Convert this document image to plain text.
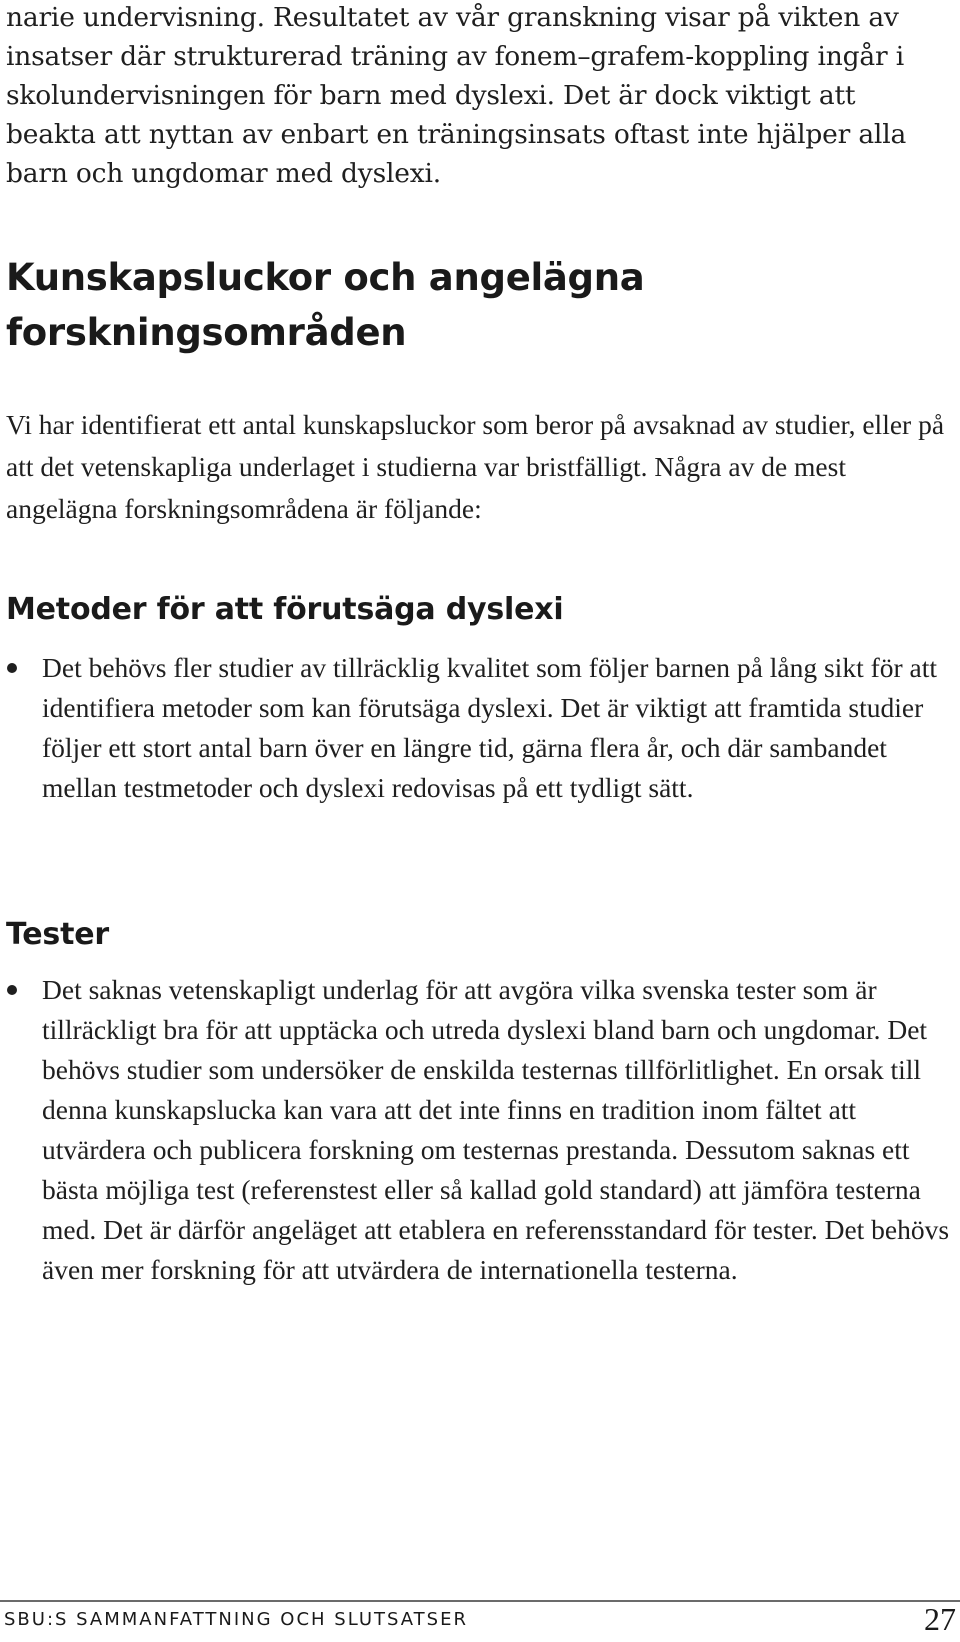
narie undervisning. Resultatet av vår granskning visar på vikten av insatser där strukturerad träning av fonem–grafem-koppling ingår i skolundervisningen för barn med dyslexi. Det är dock viktigt att beakta att nyttan av enbart en träningsinsats oftast inte hjälper alla barn och ungdomar med dyslexi.

Kunskapsluckor och angelägna forskningsområden

Vi har identifierat ett antal kunskapsluckor som beror på avsaknad av studier, eller på att det vetenskapliga underlaget i studierna var bristfälligt. Några av de mest angelägna forskningsområdena är följande:

Metoder för att förutsäga dyslexi
Det behövs fler studier av tillräcklig kvalitet som följer barnen på lång sikt för att identifiera metoder som kan förutsäga dyslexi. Det är viktigt att framtida studier följer ett stort antal barn över en längre tid, gärna flera år, och där sambandet mellan testmetoder och dyslexi redovisas på ett tydligt sätt.
Tester
Det saknas vetenskapligt underlag för att avgöra vilka svenska tester som är tillräckligt bra för att upptäcka och utreda dyslexi bland barn och ungdomar. Det behövs studier som undersöker de enskilda testernas tillförlitlighet. En orsak till denna kunskapslucka kan vara att det inte finns en tradition inom fältet att utvärdera och publicera forskning om testernas prestanda. Dessutom saknas ett bästa möjliga test (referenstest eller så kallad gold standard) att jämföra testerna med. Det är därför angeläget att etablera en referensstandard för tester. Det behövs även mer forskning för att utvärdera de internationella testerna.

SBU:S SAMMANFATTNING OCH SLUTSATSER	27
